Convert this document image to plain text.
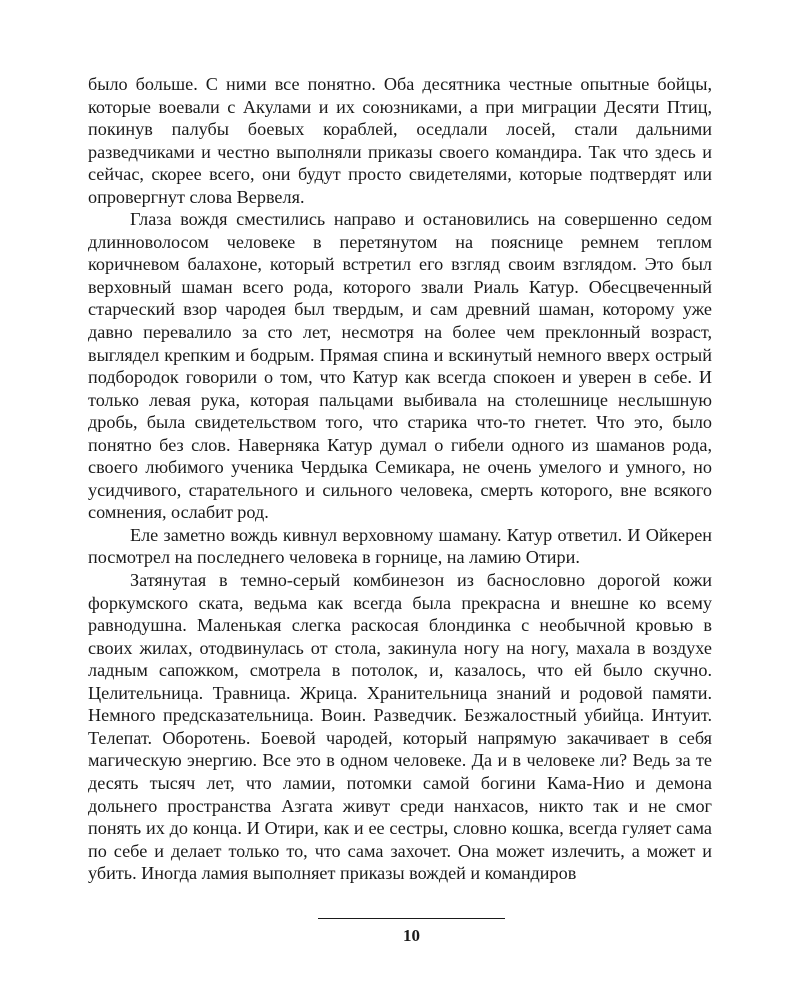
было больше. С ними все понятно. Оба десятника честные опытные бойцы, которые воевали с Акулами и их союзниками, а при миграции Десяти Птиц, покинув палубы боевых кораблей, оседлали лосей, стали дальними разведчиками и честно выполняли приказы своего командира. Так что здесь и сейчас, скорее всего, они будут просто свидетелями, которые подтвердят или опровергнут слова Вервеля.

Глаза вождя сместились направо и остановились на совершенно седом длинноволосом человеке в перетянутом на пояснице ремнем теплом коричневом балахоне, который встретил его взгляд своим взглядом. Это был верховный шаман всего рода, которого звали Риаль Катур. Обесцвеченный старческий взор чародея был твердым, и сам древний шаман, которому уже давно перевалило за сто лет, несмотря на более чем преклонный возраст, выглядел крепким и бодрым. Прямая спина и вскинутый немного вверх острый подбородок говорили о том, что Катур как всегда спокоен и уверен в себе. И только левая рука, которая пальцами выбивала на столешнице неслышную дробь, была свидетельством того, что старика что-то гнетет. Что это, было понятно без слов. Наверняка Катур думал о гибели одного из шаманов рода, своего любимого ученика Чердыка Семикара, не очень умелого и умного, но усидчивого, старательного и сильного человека, смерть которого, вне всякого сомнения, ослабит род.

Еле заметно вождь кивнул верховному шаману. Катур ответил. И Ойкерен посмотрел на последнего человека в горнице, на ламию Отири.

Затянутая в темно-серый комбинезон из баснословно дорогой кожи форкумского ската, ведьма как всегда была прекрасна и внешне ко всему равнодушна. Маленькая слегка раскосая блондинка с необычной кровью в своих жилах, отодвинулась от стола, закинула ногу на ногу, махала в воздухе ладным сапожком, смотрела в потолок, и, казалось, что ей было скучно. Целительница. Травница. Жрица. Хранительница знаний и родовой памяти. Немного предсказательница. Воин. Разведчик. Безжалостный убийца. Интуит. Телепат. Оборотень. Боевой чародей, который напрямую закачивает в себя магическую энергию. Все это в одном человеке. Да и в человеке ли? Ведь за те десять тысяч лет, что ламии, потомки самой богини Кама-Нио и демона дольнего пространства Азгата живут среди нанхасов, никто так и не смог понять их до конца. И Отири, как и ее сестры, словно кошка, всегда гуляет сама по себе и делает только то, что сама захочет. Она может излечить, а может и убить. Иногда ламия выполняет приказы вождей и командиров

10
